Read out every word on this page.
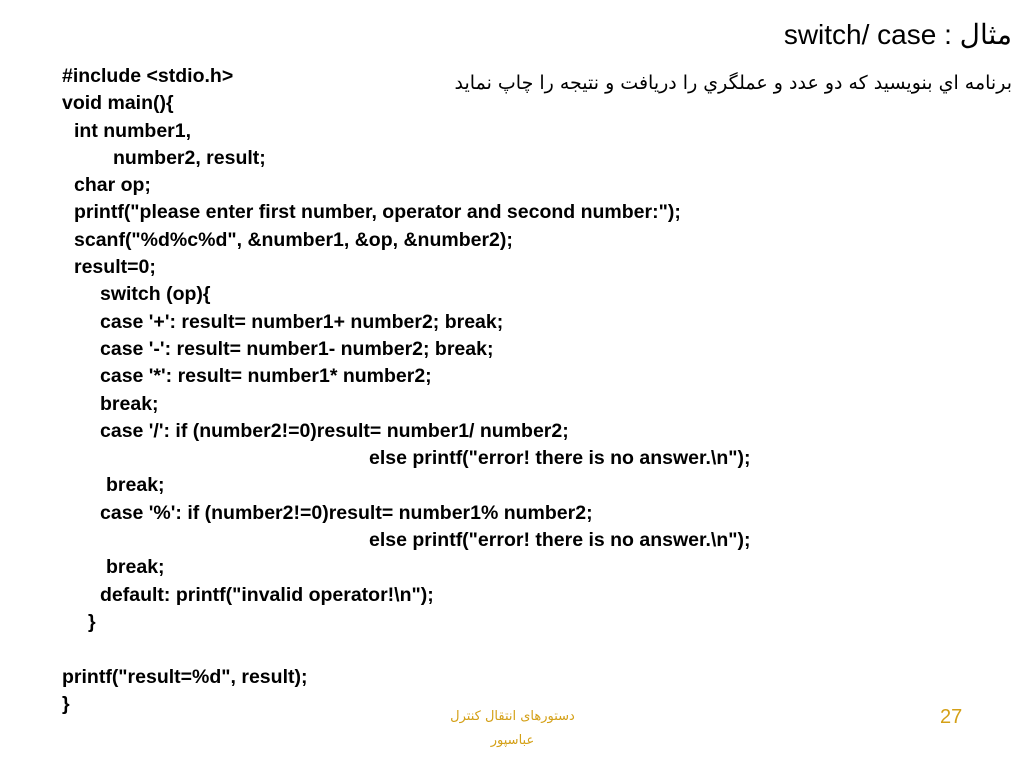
مثال : switch/ case
برنامه اي بنويسيد كه دو عدد و عملگري را دريافت و نتيجه را چاپ نمايد
#include <stdio.h>
void main(){
int number1,
number2, result;
char op;
printf("please enter first number, operator and second number:");
scanf("%d%c%d", &number1, &op, &number2);
result=0;
switch (op){
case '+': result= number1+ number2; break;
case '-': result= number1- number2; break;
case '*': result= number1* number2;
break;
case '/': if (number2!=0)result= number1/ number2;
else printf("error! there is no answer.\n");
break;
case '%': if (number2!=0)result= number1% number2;
else printf("error! there is no answer.\n");
break;
default: printf("invalid operator!\n");
}
printf("result=%d", result);
}
دستورهای انتقال کنترل
عباسپور
27
